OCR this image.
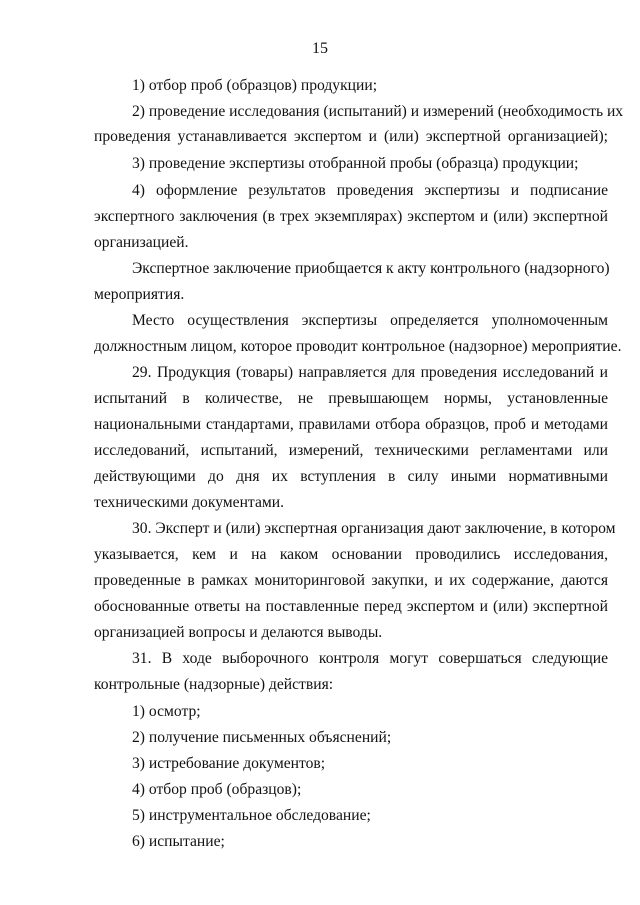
15
1) отбор проб (образцов) продукции;
2) проведение исследования (испытаний) и измерений (необходимость их
проведения устанавливается экспертом и (или) экспертной организацией);
3) проведение экспертизы отобранной пробы (образца) продукции;
4) оформление результатов проведения экспертизы и подписание
экспертного заключения (в трех экземплярах) экспертом и (или) экспертной
организацией.
Экспертное заключение приобщается к акту контрольного (надзорного)
мероприятия.
Место осуществления экспертизы определяется уполномоченным
должностным лицом, которое проводит контрольное (надзорное) мероприятие.
29. Продукция (товары) направляется для проведения исследований и
испытаний в количестве, не превышающем нормы, установленные
национальными стандартами, правилами отбора образцов, проб и методами
исследований, испытаний, измерений, техническими регламентами или
действующими до дня их вступления в силу иными нормативными
техническими документами.
30. Эксперт и (или) экспертная организация дают заключение, в котором
указывается, кем и на каком основании проводились исследования,
проведенные в рамках мониторинговой закупки, и их содержание, даются
обоснованные ответы на поставленные перед экспертом и (или) экспертной
организацией вопросы и делаются выводы.
31. В ходе выборочного контроля могут совершаться следующие
контрольные (надзорные) действия:
1) осмотр;
2) получение письменных объяснений;
3) истребование документов;
4) отбор проб (образцов);
5) инструментальное обследование;
6) испытание;
